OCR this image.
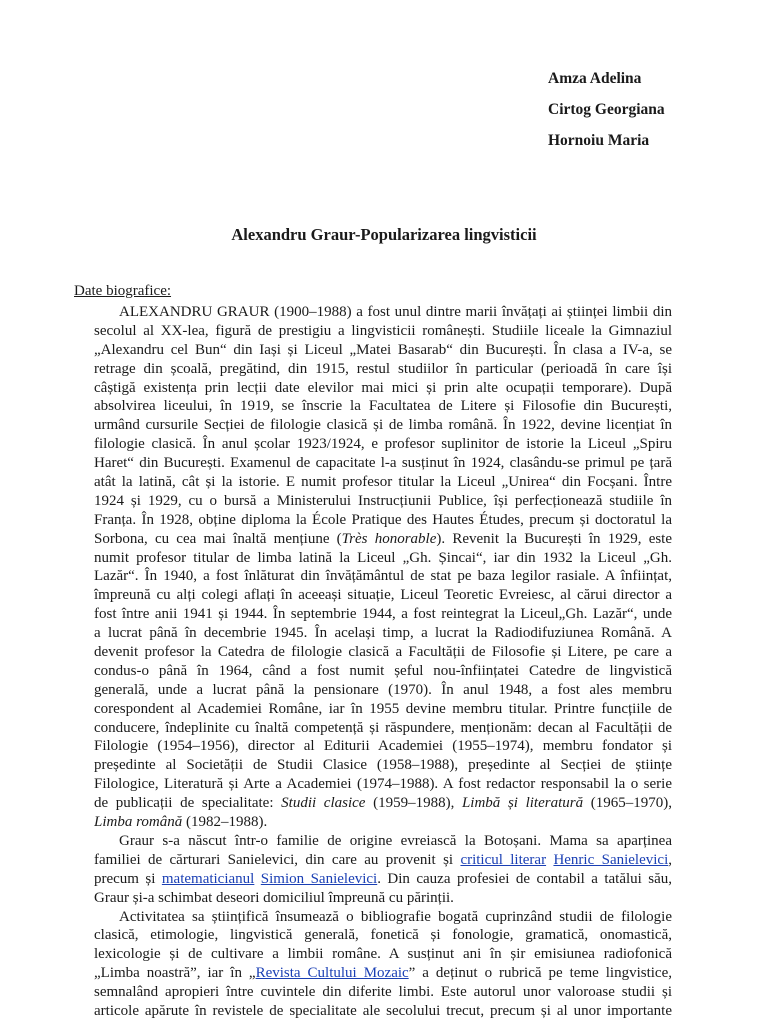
Amza Adelina
Cirtog Georgiana
Hornoiu Maria
Alexandru Graur-Popularizarea lingvisticii
Date biografice:
ALEXANDRU GRAUR (1900–1988) a fost unul dintre marii învățați ai științei limbii din
secolul al XX-lea, figură de prestigiu a lingvisticii românești. Studiile liceale la Gimnaziul
„Alexandru cel Bun“ din Iași și Liceul „Matei Basarab“ din București. În clasa a IV-a, se
retrage din școală, pregătind, din 1915, restul studiilor în particular (perioadă în care își
câștigă existența prin lecții date elevilor mai mici și prin alte ocupații temporare). După
absolvirea liceului, în 1919, se înscrie la Facultatea de Litere și Filosofie din București,
urmând cursurile Secției de filologie clasică și de limba română. În 1922, devine licențiat în
filologie clasică. În anul școlar 1923/1924, e profesor suplinitor de istorie la Liceul „Spiru
Haret“ din București. Examenul de capacitate l-a susținut în 1924, clasându-se primul pe țară
atât la latină, cât și la istorie. E numit profesor titular la Liceul „Unirea“ din Focșani. Între
1924 și 1929, cu o bursă a Ministerului Instrucțiunii Publice, își perfecționează studiile în
Franța. În 1928, obține diploma la École Pratique des Hautes Études, precum și doctoratul la
Sorbona, cu cea mai înaltă mențiune (Très honorable). Revenit la București în 1929, este
numit profesor titular de limba latină la Liceul „Gh. Șincai“, iar din 1932 la Liceul „Gh.
Lazăr“. În 1940, a fost înlăturat din învățământul de stat pe baza legilor rasiale. A înființat,
împreună cu alți colegi aflați în aceeași situație, Liceul Teoretic Evreiesc, al cărui director a
fost între anii 1941 și 1944. În septembrie 1944, a fost reintegrat la Liceul„Gh. Lazăr“, unde
a lucrat până în decembrie 1945. În același timp, a lucrat la Radiodifuziunea Română. A
devenit profesor la Catedra de filologie clasică a Facultății de Filosofie și Litere, pe care a
condus-o până în 1964, când a fost numit șeful nou-înființatei Catedre de lingvistică
generală, unde a lucrat până la pensionare (1970). În anul 1948, a fost ales membru
corespondent al Academiei Române, iar în 1955 devine membru titular. Printre funcțiile de
conducere, îndeplinite cu înaltă competență și răspundere, menționăm: decan al Facultății de
Filologie (1954–1956), director al Editurii Academiei (1955–1974), membru fondator și
președinte al Societății de Studii Clasice (1958–1988), președinte al Secției de științe
Filologice, Literatură și Arte a Academiei (1974–1988). A fost redactor responsabil la o serie
de publicații de specialitate: Studii clasice (1959–1988), Limbă și literatură (1965–1970),
Limba română (1982–1988).
Graur s-a născut într-o familie de origine evreiască la Botoșani. Mama sa aparținea
familiei de cărturari Sanielevici, din care au provenit și criticul literar Henric Sanielevici,
precum și matematicianul Simion Sanielevici. Din cauza profesiei de contabil a tatălui său,
Graur și-a schimbat deseori domiciliul împreună cu părinții.
Activitatea sa științifică însumează o bibliografie bogată cuprinzând studii de filologie
clasică, etimologie, lingvistică generală, fonetică și fonologie, gramatică, onomastică,
lexicologie și de cultivare a limbii române. A susținut ani în șir emisiunea radiofonică
„Limba noastră”, iar în „Revista Cultului Mozaic” a deținut o rubrică pe teme lingvistice,
semnalând apropieri între cuvintele din diferite limbi. Este autorul unor valoroase studii și
articole apărute în revistele de specialitate ale secolului trecut, precum și al unor importante
